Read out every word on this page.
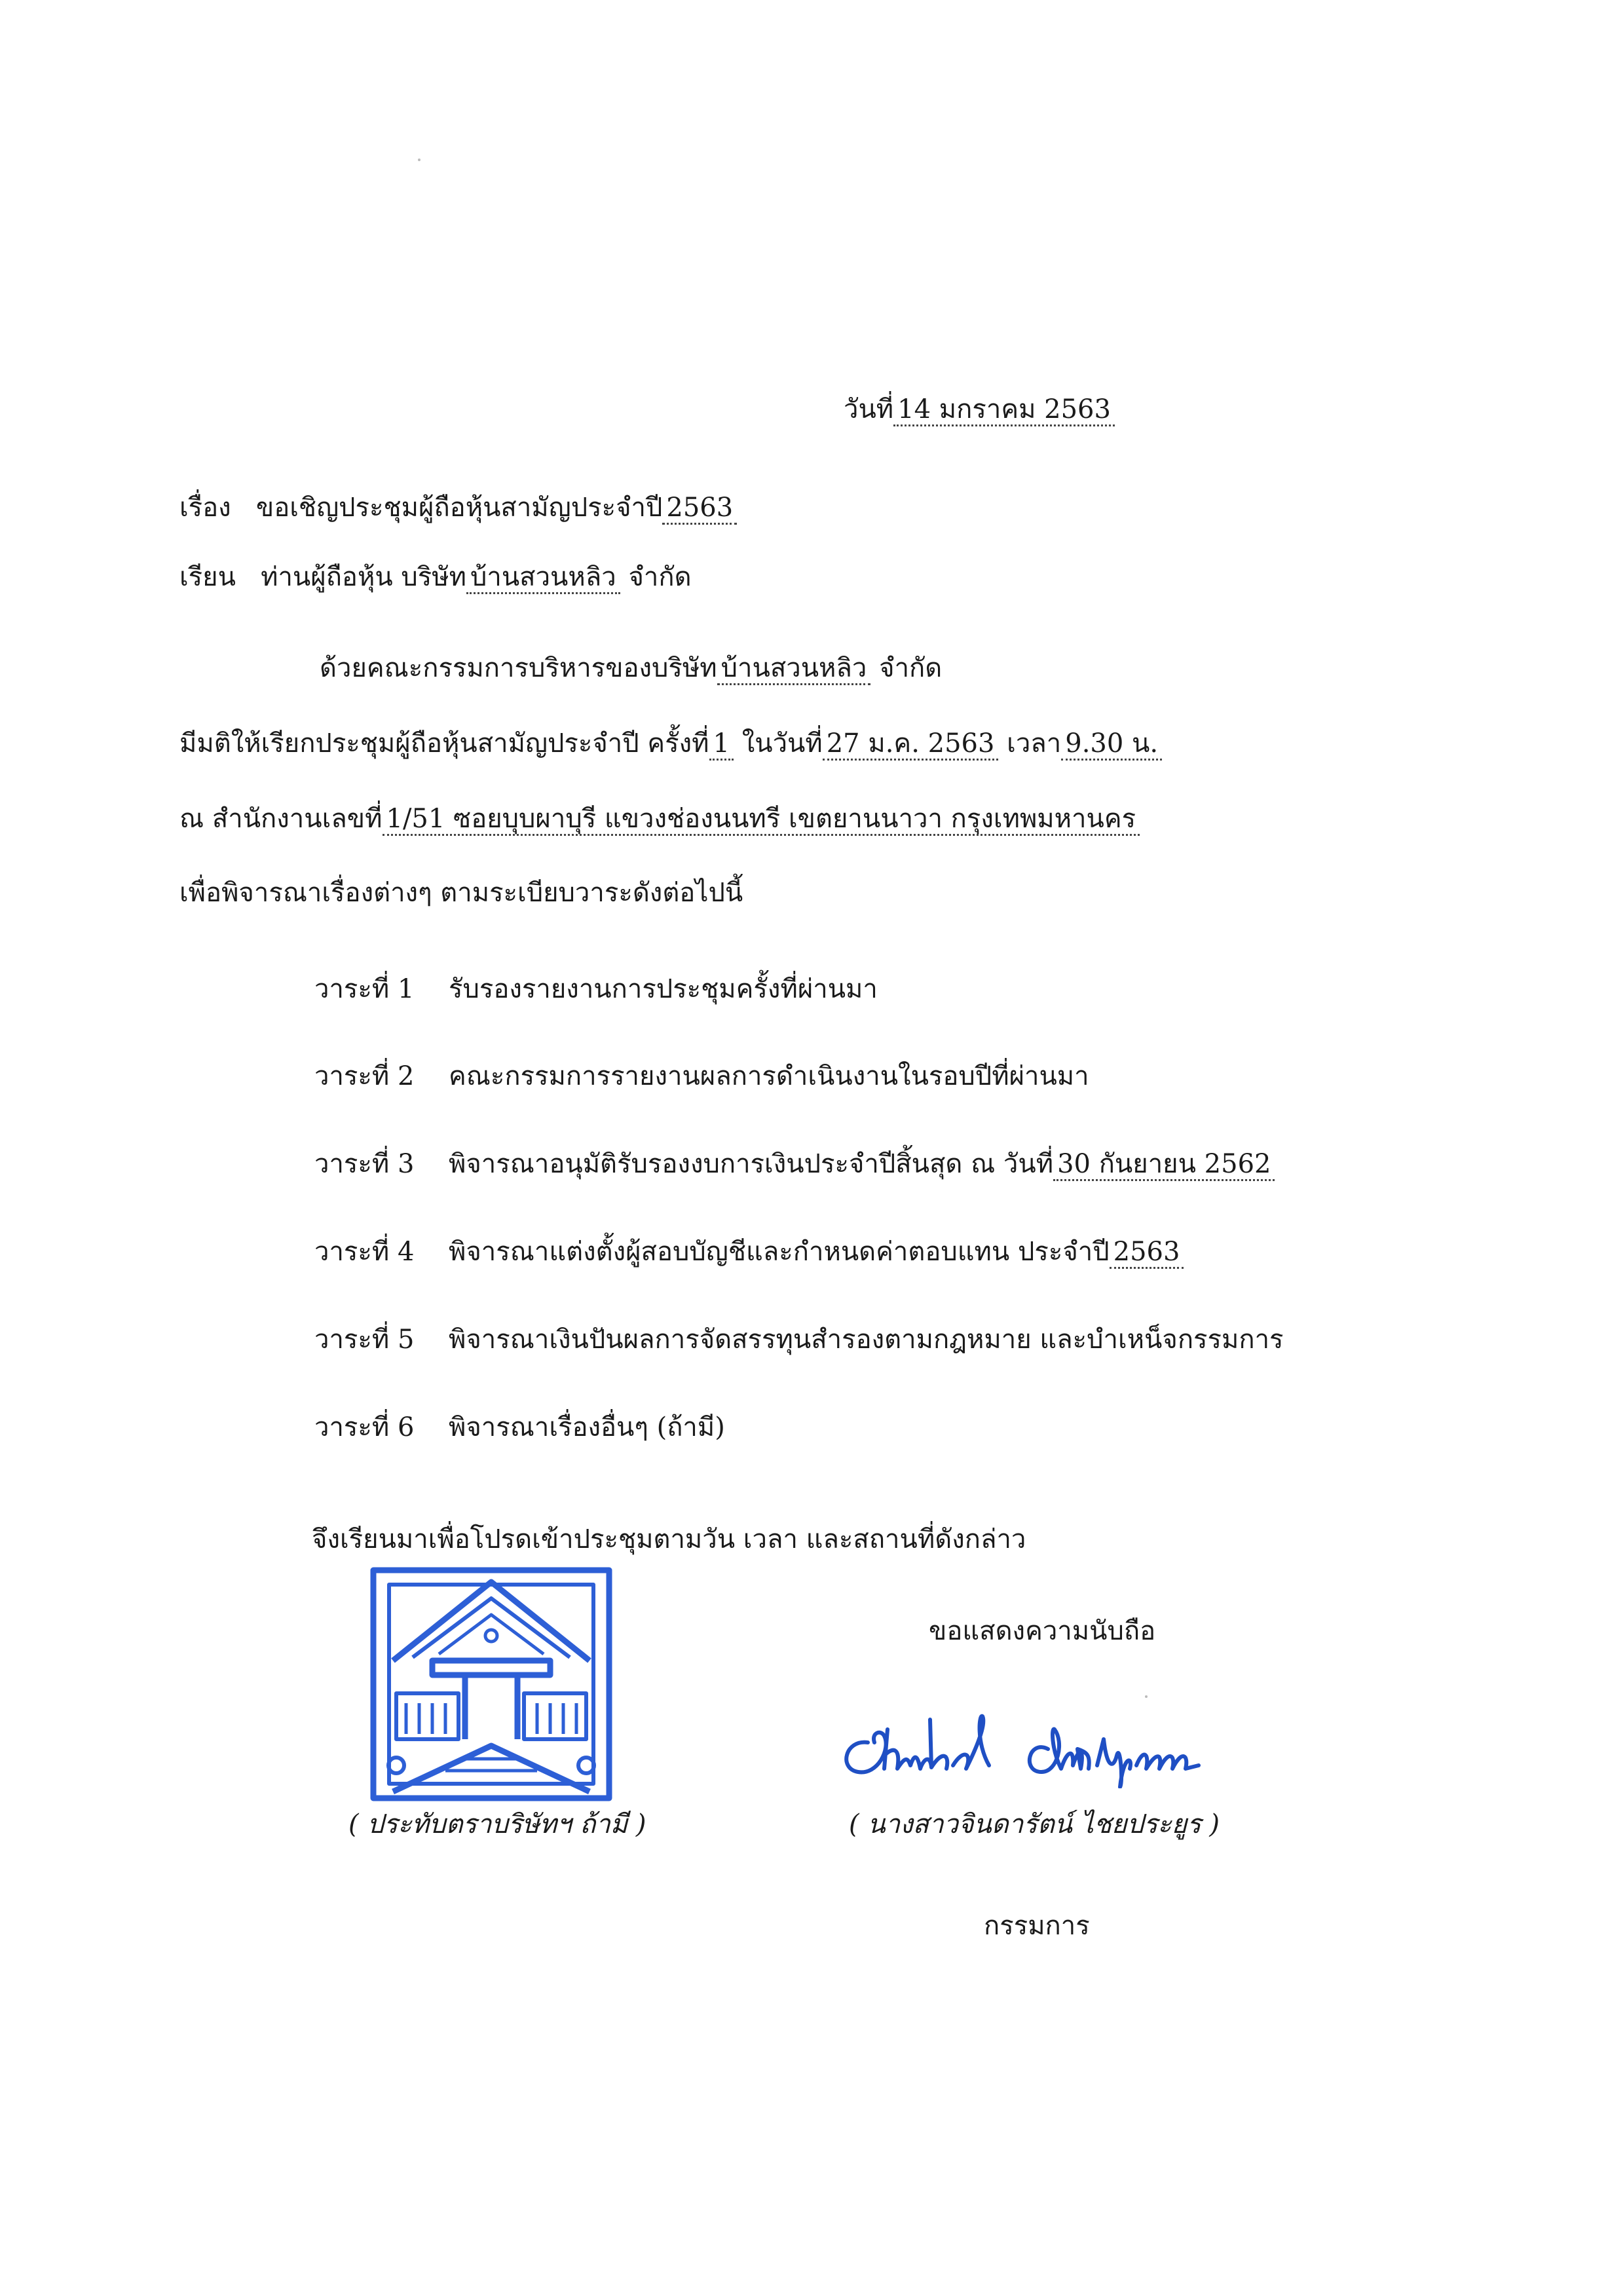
วันที่ 14 มกราคม 2563
เรื่อง ขอเชิญประชุมผู้ถือหุ้นสามัญประจำปี 2563
เรียน ท่านผู้ถือหุ้น บริษัท บ้านสวนหลิว จำกัด
ด้วยคณะกรรมการบริหารของบริษัท บ้านสวนหลิว จำกัด
มีมติให้เรียกประชุมผู้ถือหุ้นสามัญประจำปี ครั้งที่ 1 ในวันที่ 27 ม.ค. 2563 เวลา 9.30 น.
ณ สำนักงานเลขที่ 1/51 ซอยบุบผาบุรี แขวงช่องนนทรี เขตยานนาวา กรุงเทพมหานคร
เพื่อพิจารณาเรื่องต่างๆ ตามระเบียบวาระดังต่อไปนี้
วาระที่ 1 รับรองรายงานการประชุมครั้งที่ผ่านมา
วาระที่ 2 คณะกรรมการรายงานผลการดำเนินงานในรอบปีที่ผ่านมา
วาระที่ 3 พิจารณาอนุมัติรับรองงบการเงินประจำปีสิ้นสุด ณ วันที่ 30 กันยายน 2562
วาระที่ 4 พิจารณาแต่งตั้งผู้สอบบัญชีและกำหนดค่าตอบแทน ประจำปี 2563
วาระที่ 5 พิจารณาเงินปันผลการจัดสรรทุนสำรองตามกฎหมาย และบำเหน็จกรรมการ
วาระที่ 6 พิจารณาเรื่องอื่นๆ (ถ้ามี)
จึงเรียนมาเพื่อโปรดเข้าประชุมตามวัน เวลา และสถานที่ดังกล่าว
ขอแสดงความนับถือ
( ประทับตราบริษัทฯ ถ้ามี )	( นางสาวจินดารัตน์ ไชยประยูร )
กรรมการ
